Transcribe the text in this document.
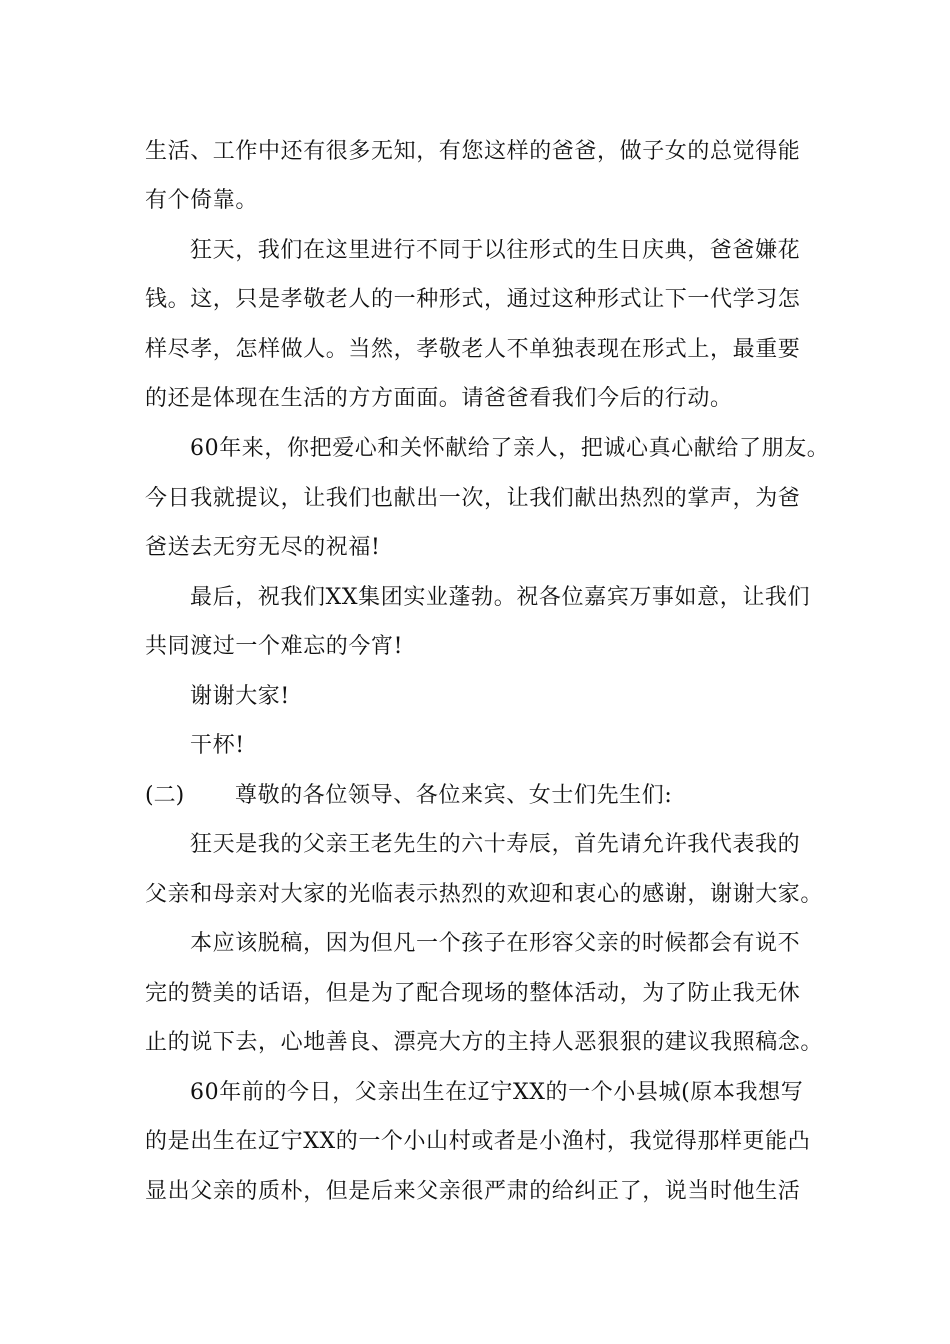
生活、工作中还有很多无知，有您这样的爸爸，做子女的总觉得能
有个倚靠。
狂天，我们在这里进行不同于以往形式的生日庆典，爸爸嫌花
钱。这，只是孝敬老人的一种形式，通过这种形式让下一代学习怎
样尽孝，怎样做人。当然，孝敬老人不单独表现在形式上，最重要
的还是体现在生活的方方面面。请爸爸看我们今后的行动。
60年来，你把爱心和关怀献给了亲人，把诚心真心献给了朋友。
今日我就提议，让我们也献出一次，让我们献出热烈的掌声，为爸
爸送去无穷无尽的祝福!
最后，祝我们XX集团实业蓬勃。祝各位嘉宾万事如意，让我们
共同渡过一个难忘的今宵!
谢谢大家!
干杯!
(二) 尊敬的各位领导、各位来宾、女士们先生们:
狂天是我的父亲王老先生的六十寿辰，首先请允许我代表我的
父亲和母亲对大家的光临表示热烈的欢迎和衷心的感谢，谢谢大家。
本应该脱稿，因为但凡一个孩子在形容父亲的时候都会有说不
完的赞美的话语，但是为了配合现场的整体活动，为了防止我无休
止的说下去，心地善良、漂亮大方的主持人恶狠狠的建议我照稿念。
60年前的今日，父亲出生在辽宁XX的一个小县城(原本我想写
的是出生在辽宁XX的一个小山村或者是小渔村，我觉得那样更能凸
显出父亲的质朴，但是后来父亲很严肃的给纠正了，说当时他生活
